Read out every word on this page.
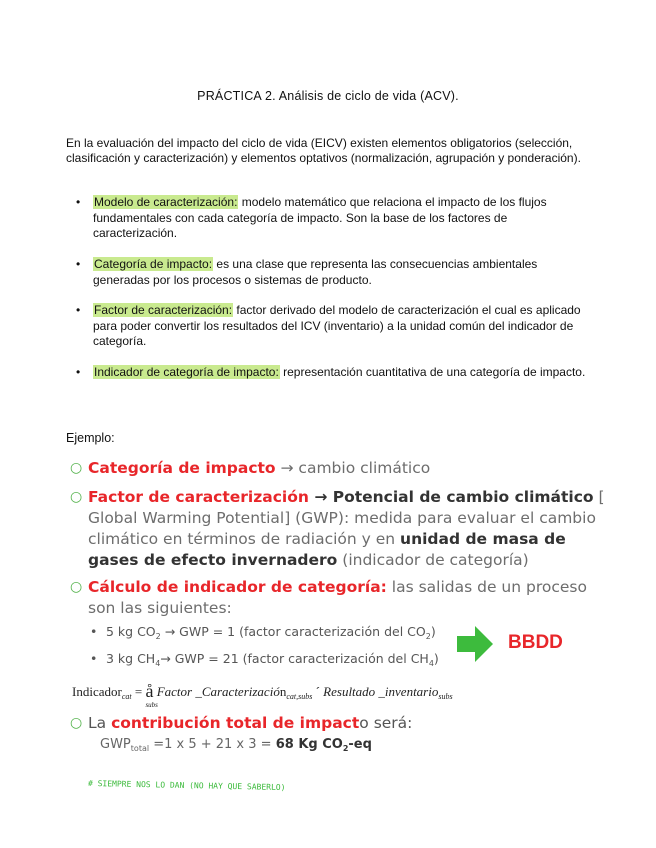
PRÁCTICA 2. Análisis de ciclo de vida (ACV).
En la evaluación del impacto del ciclo de vida (EICV) existen elementos obligatorios (selección, clasificación y caracterización) y elementos optativos (normalización, agrupación y ponderación).
• Modelo de caracterización: modelo matemático que relaciona el impacto de los flujos fundamentales con cada categoría de impacto. Son la base de los factores de caracterización.
• Categoría de impacto: es una clase que representa las consecuencias ambientales generadas por los procesos o sistemas de producto.
• Factor de caracterización: factor derivado del modelo de caracterización el cual es aplicado para poder convertir los resultados del ICV (inventario) a la unidad común del indicador de categoría.
• Indicador de categoría de impacto: representación cuantitativa de una categoría de impacto.
Ejemplo:
○ Categoría de impacto → cambio climático
○ Factor de caracterización → Potencial de cambio climático [ Global Warming Potential] (GWP): medida para evaluar el cambio climático en términos de radiación y en unidad de masa de gases de efecto invernadero (indicador de categoría)
○ Cálculo de indicador de categoría: las salidas de un proceso son las siguientes:
• 5 kg $CO_2$ → GWP = 1 (factor caracterización del $CO_2$)
• 3 kg $CH_4\to$ GWP = 21 (factor caracterización del $CH_4$)
BBDD
Indicador$_{cat}$ = å
subs
Factor _Caracterización$_{cat,subs}$ ´ Resultado _inventario$_{subs}$
○ La contribución total de impacto será:
$GWP_{total} =1$ x 5 + 21 x 3 = 68 Kg $CO_2-eq$
# SIEMPRE NOS LO DAN (NO HAY QUE SABERLO)
